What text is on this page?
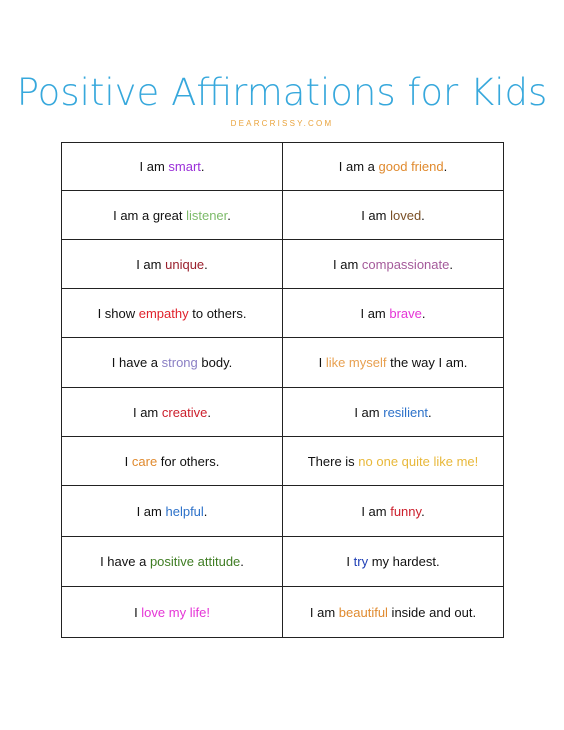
Positive Affirmations for Kids
DEARCRISSY.COM
I am smart.	I am a good friend.
I am a great listener.	I am loved.
I am unique.	I am compassionate.
I show empathy to others.	I am brave.
I have a strong body.	I like myself the way I am.
I am creative.	I am resilient.
I care for others.	There is no one quite like me!
I am helpful.	I am funny.
I have a positive attitude.	I try my hardest.
I love my life!	I am beautiful inside and out.
